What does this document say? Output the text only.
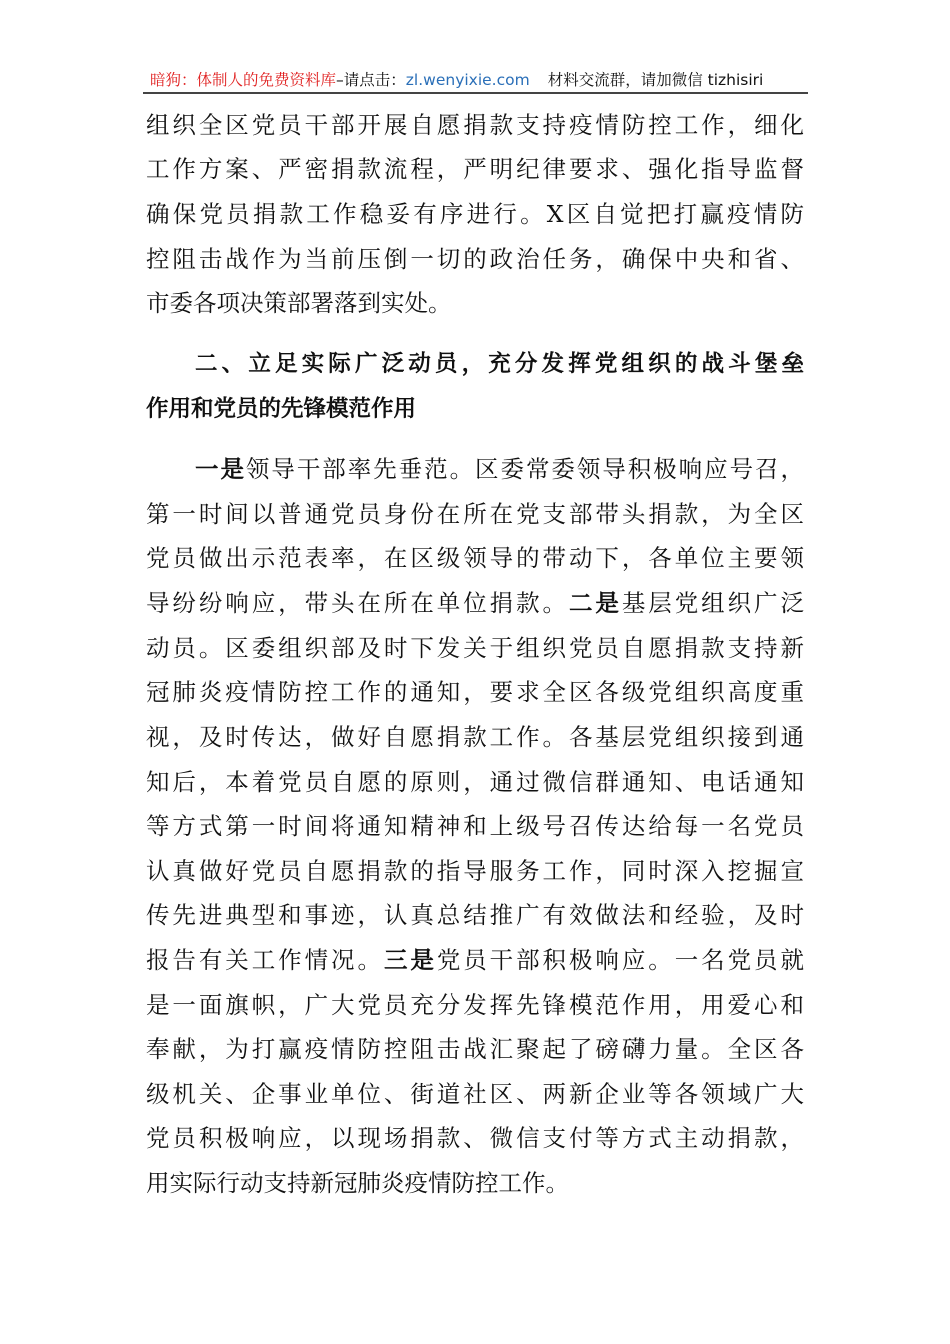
暗狗：体制人的免费资料库–请点击：zl.wenyixie.com 材料交流群，请加微信 tizhisiri
组织全区党员干部开展自愿捐款支持疫情防控工作，细化
工作方案、严密捐款流程，严明纪律要求、强化指导监督
确保党员捐款工作稳妥有序进行。X区自觉把打赢疫情防
控阻击战作为当前压倒一切的政治任务，确保中央和省、
市委各项决策部署落到实处。
二、立足实际广泛动员，充分发挥党组织的战斗堡垒
作用和党员的先锋模范作用
一是领导干部率先垂范。区委常委领导积极响应号召，
第一时间以普通党员身份在所在党支部带头捐款，为全区
党员做出示范表率，在区级领导的带动下，各单位主要领
导纷纷响应，带头在所在单位捐款。二是基层党组织广泛
动员。区委组织部及时下发关于组织党员自愿捐款支持新
冠肺炎疫情防控工作的通知，要求全区各级党组织高度重
视，及时传达，做好自愿捐款工作。各基层党组织接到通
知后，本着党员自愿的原则，通过微信群通知、电话通知
等方式第一时间将通知精神和上级号召传达给每一名党员
认真做好党员自愿捐款的指导服务工作，同时深入挖掘宣
传先进典型和事迹，认真总结推广有效做法和经验，及时
报告有关工作情况。三是党员干部积极响应。一名党员就
是一面旗帜，广大党员充分发挥先锋模范作用，用爱心和
奉献，为打赢疫情防控阻击战汇聚起了磅礴力量。全区各
级机关、企事业单位、街道社区、两新企业等各领域广大
党员积极响应，以现场捐款、微信支付等方式主动捐款，
用实际行动支持新冠肺炎疫情防控工作。
